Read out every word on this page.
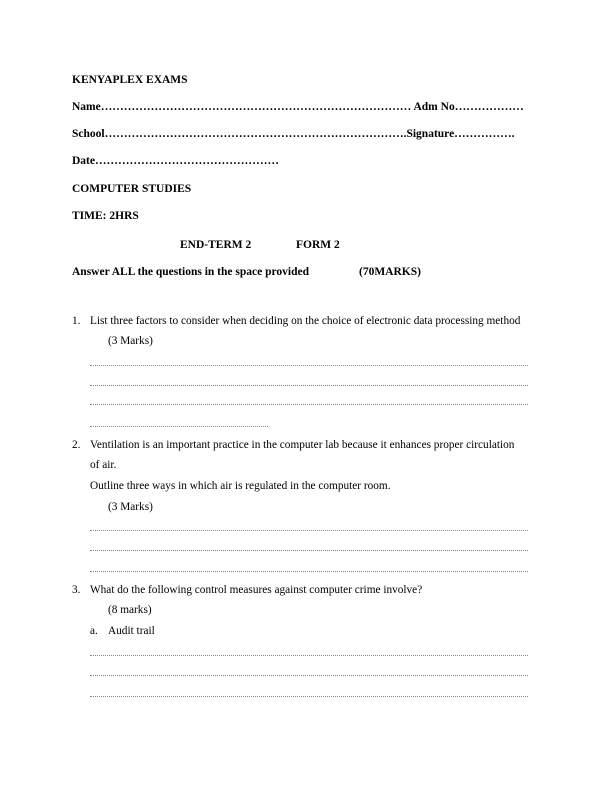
KENYAPLEX EXAMS
Name……………………………………………………………………… Adm No………………
School…………………………………………………………………….Signature…………….
Date…………………………………………
COMPUTER STUDIES
TIME: 2HRS
END-TERM 2	FORM 2
Answer ALL the questions in the space provided	(70MARKS)
1. List three factors to consider when deciding on the choice of electronic data processing method
(3 Marks)
2. Ventilation is an important practice in the computer lab because it enhances proper circulation
of air.
Outline three ways in which air is regulated in the computer room.
(3 Marks)
3. What do the following control measures against computer crime involve?
(8 marks)
a. Audit trail
